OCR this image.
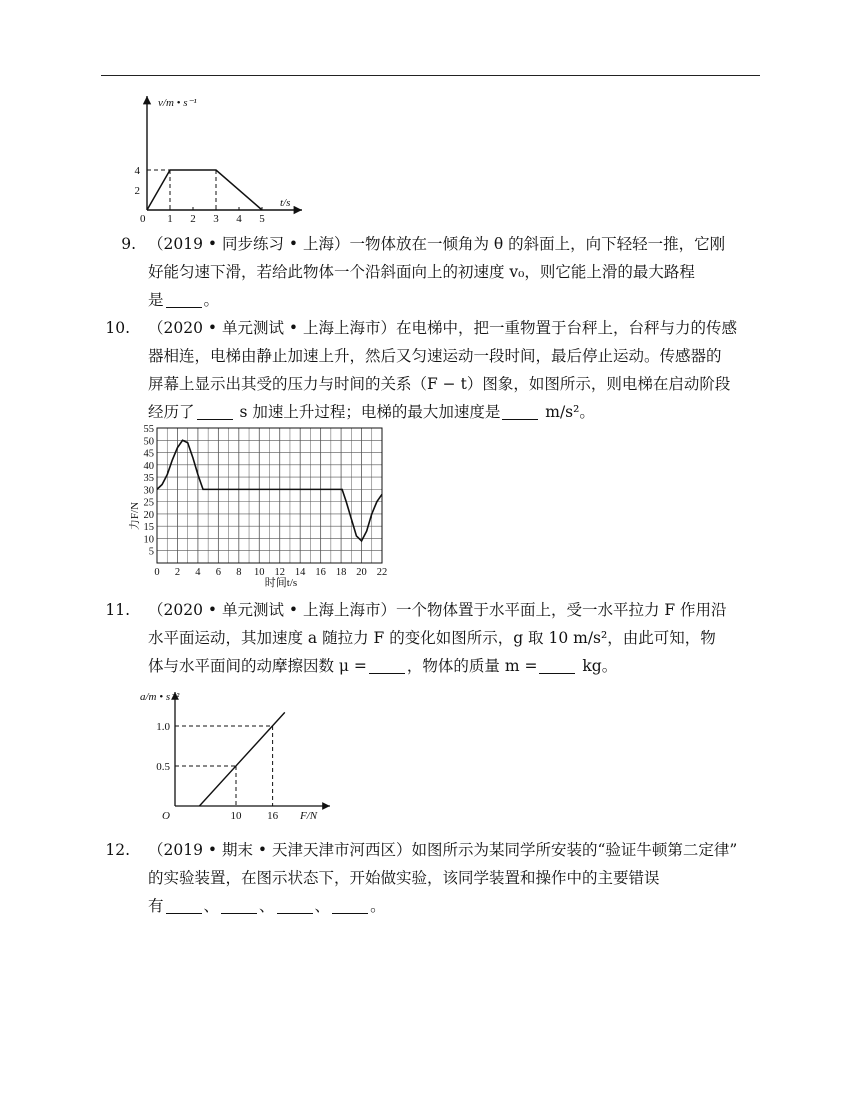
v/m • s⁻¹
t/s
0 1 2 3 4 5
2
4
9. （2019 • 同步练习 • 上海）一物体放在一倾角为 θ 的斜面上，向下轻轻一推，它刚
好能匀速下滑，若给此物体一个沿斜面向上的初速度 v₀，则它能上滑的最大路程
是	。
10. （2020 • 单元测试 • 上海上海市）在电梯中，把一重物置于台秤上，台秤与力的传感
器相连，电梯由静止加速上升，然后又匀速运动一段时间，最后停止运动。传感器的
屏幕上显示出其受的压力与时间的关系（F − t）图象，如图所示，则电梯在启动阶段
经历了	s 加速上升过程；电梯的最大加速度是	m/s²。
力F/N
时间t/s
0 2 4 6 8 10 12 14 16 18 20 22
5
10
15
20
25
30
35
40
45
50
55
11. （2020 • 单元测试 • 上海上海市）一个物体置于水平面上，受一水平拉力 F 作用沿
水平面运动，其加速度 a 随拉力 F 的变化如图所示，g 取 10 m/s²，由此可知，物
体与水平面间的动摩擦因数 μ =	，物体的质量 m =	kg。
a/m • s⁻²
F/N
O	10 16
0.5
1.0
12. （2019 • 期末 • 天津天津市河西区）如图所示为某同学所安装的“验证牛顿第二定律”
的实验装置，在图示状态下，开始做实验，该同学装置和操作中的主要错误
有	、	、	、	。
